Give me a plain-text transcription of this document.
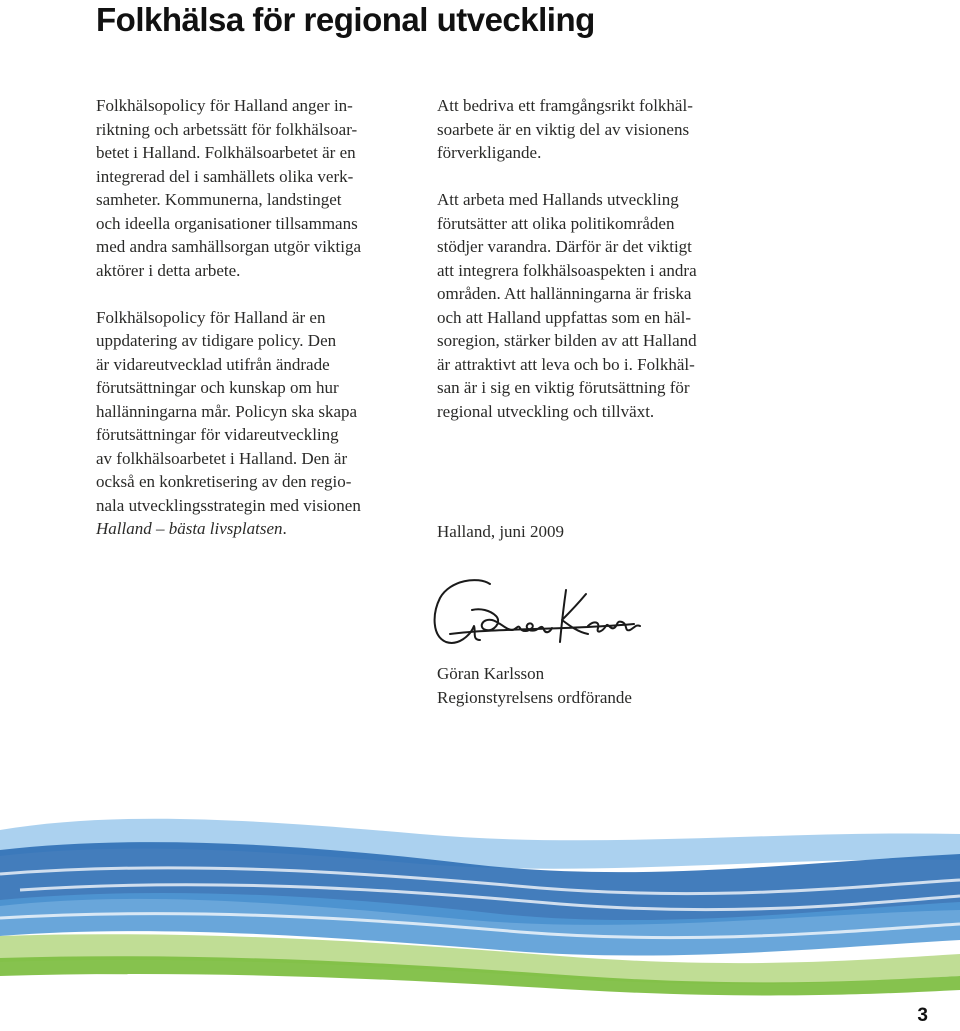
Folkhälsa för regional utveckling

Folkhälsopolicy för Halland anger in-
riktning och arbetssätt för folkhälsoar-
betet i Halland. Folkhälsoarbetet är en
integrerad del i samhällets olika verk-
samheter. Kommunerna, landstinget
och ideella organisationer tillsammans
med andra samhällsorgan utgör viktiga
aktörer i detta arbete.

Folkhälsopolicy för Halland är en
uppdatering av tidigare policy. Den
är vidareutvecklad utifrån ändrade
förutsättningar och kunskap om hur
hallänningarna mår. Policyn ska skapa
förutsättningar för vidareutveckling
av folkhälsoarbetet i Halland. Den är
också en konkretisering av den regio-
nala utvecklingsstrategin med visionen
Halland – bästa livsplatsen.

Att bedriva ett framgångsrikt folkhäl-
soarbete är en viktig del av visionens
förverkligande.

Att arbeta med Hallands utveckling
förutsätter att olika politikområden
stödjer varandra. Därför är det viktigt
att integrera folkhälsoaspekten i andra
områden. Att hallänningarna är friska
och att Halland uppfattas som en häl-
soregion, stärker bilden av att Halland
är attraktivt att leva och bo i. Folkhäl-
san är i sig en viktig förutsättning för
regional utveckling och tillväxt.

Halland, juni 2009

Göran Karlsson
Regionstyrelsens ordförande
3
